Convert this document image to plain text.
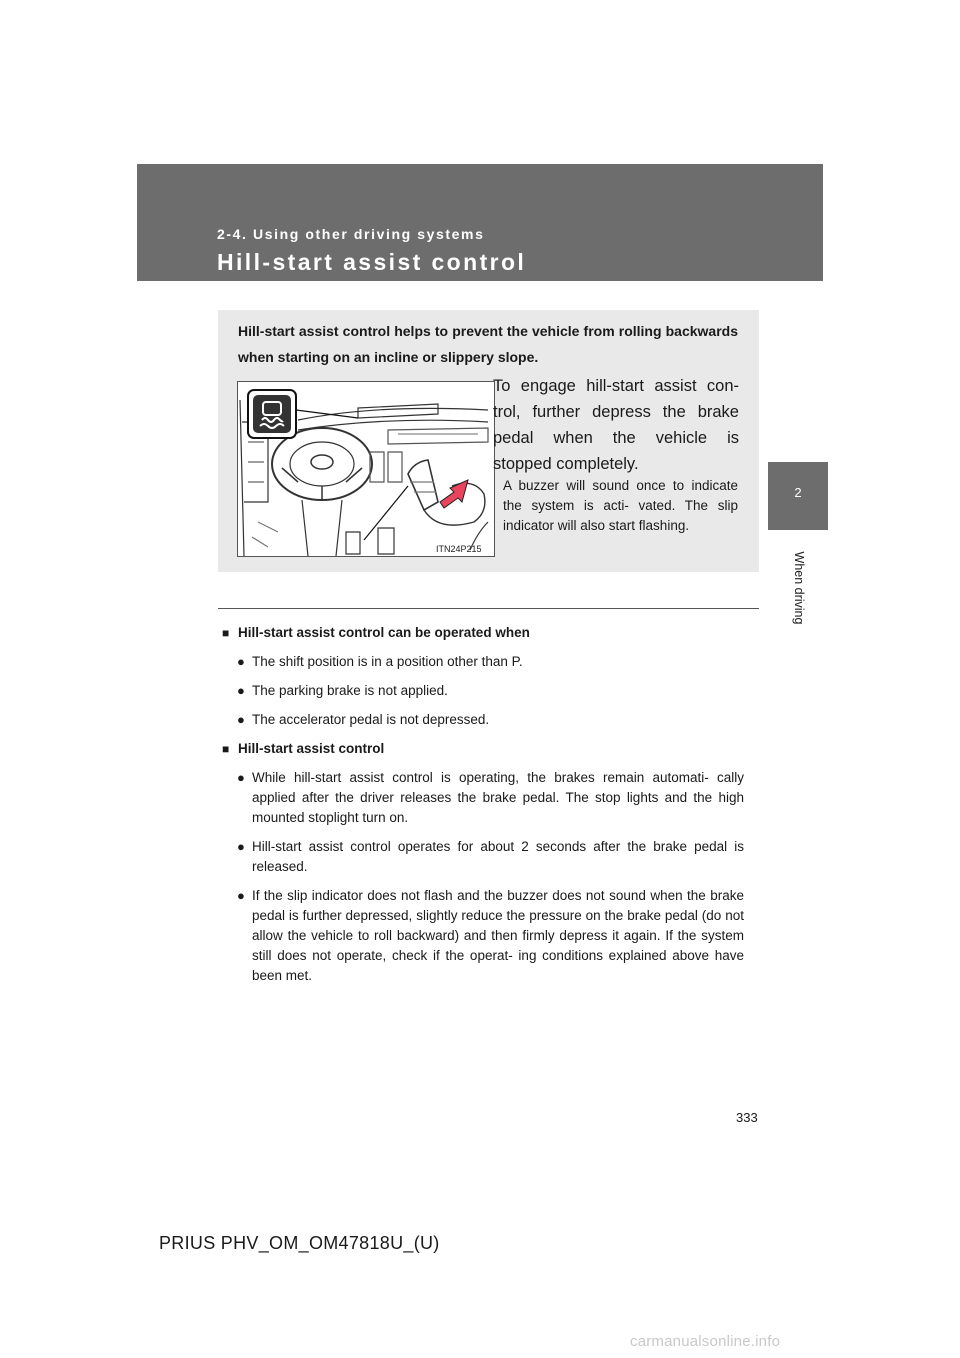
2-4. Using other driving systems
Hill-start assist control
2
When driving

Hill-start assist control helps to prevent the vehicle from rolling backwards when starting on an incline or slippery slope.

ITN24P215

To engage hill-start assist con- trol, further depress the brake pedal when the vehicle is stopped completely.

A buzzer will sound once to indicate the system is acti- vated. The slip indicator will also start flashing.

■ Hill-start assist control can be operated when

● The shift position is in a position other than P.

● The parking brake is not applied.

● The accelerator pedal is not depressed.

■ Hill-start assist control

● While hill-start assist control is operating, the brakes remain automati- cally applied after the driver releases the brake pedal. The stop lights and the high mounted stoplight turn on.

● Hill-start assist control operates for about 2 seconds after the brake pedal is released.

● If the slip indicator does not flash and the buzzer does not sound when the brake pedal is further depressed, slightly reduce the pressure on the brake pedal (do not allow the vehicle to roll backward) and then firmly depress it again. If the system still does not operate, check if the operat- ing conditions explained above have been met.

333
PRIUS PHV_OM_OM47818U_(U)
carmanualsonline.info
